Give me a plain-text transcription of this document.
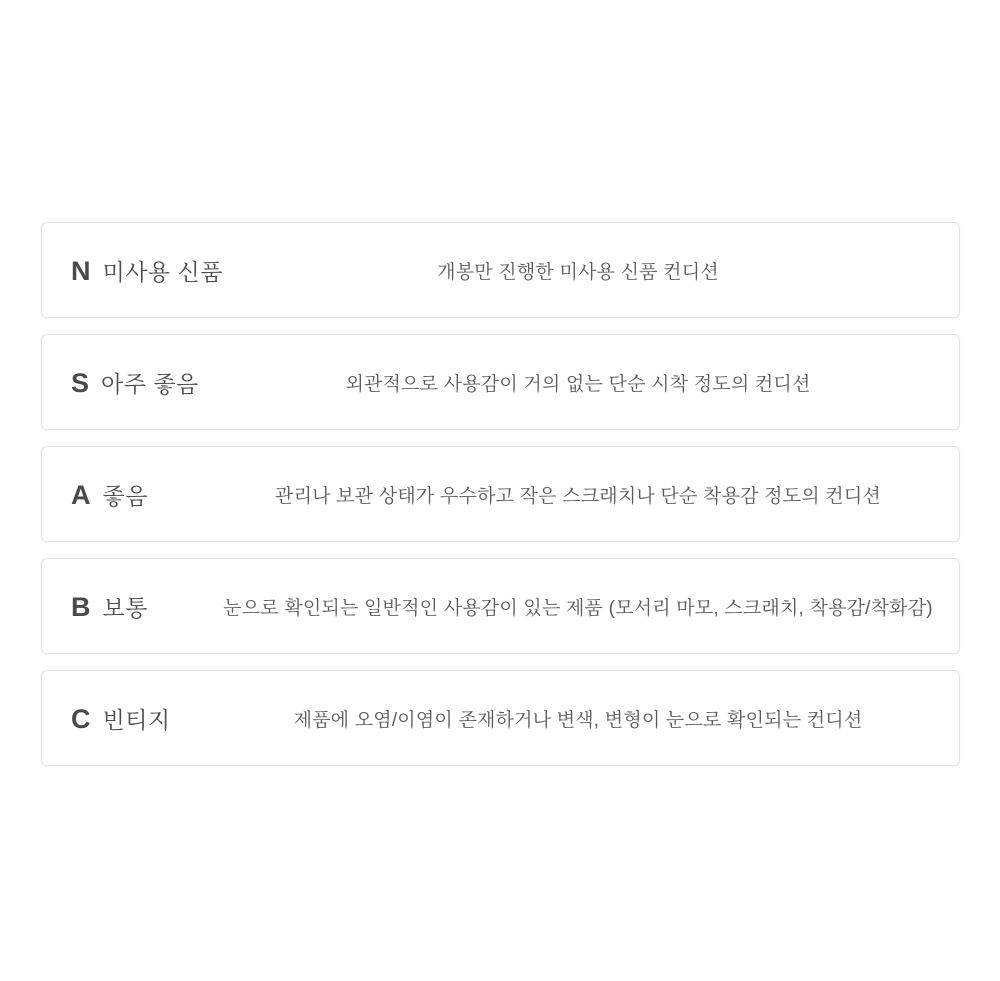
N 미사용 신품	개봉만 진행한 미사용 신품 컨디션
S 아주 좋음	외관적으로 사용감이 거의 없는 단순 시착 정도의 컨디션
A 좋음	관리나 보관 상태가 우수하고 작은 스크래치나 단순 착용감 정도의 컨디션
B 보통	눈으로 확인되는 일반적인 사용감이 있는 제품 (모서리 마모, 스크래치, 착용감/착화감)
C 빈티지	제품에 오염/이염이 존재하거나 변색, 변형이 눈으로 확인되는 컨디션
